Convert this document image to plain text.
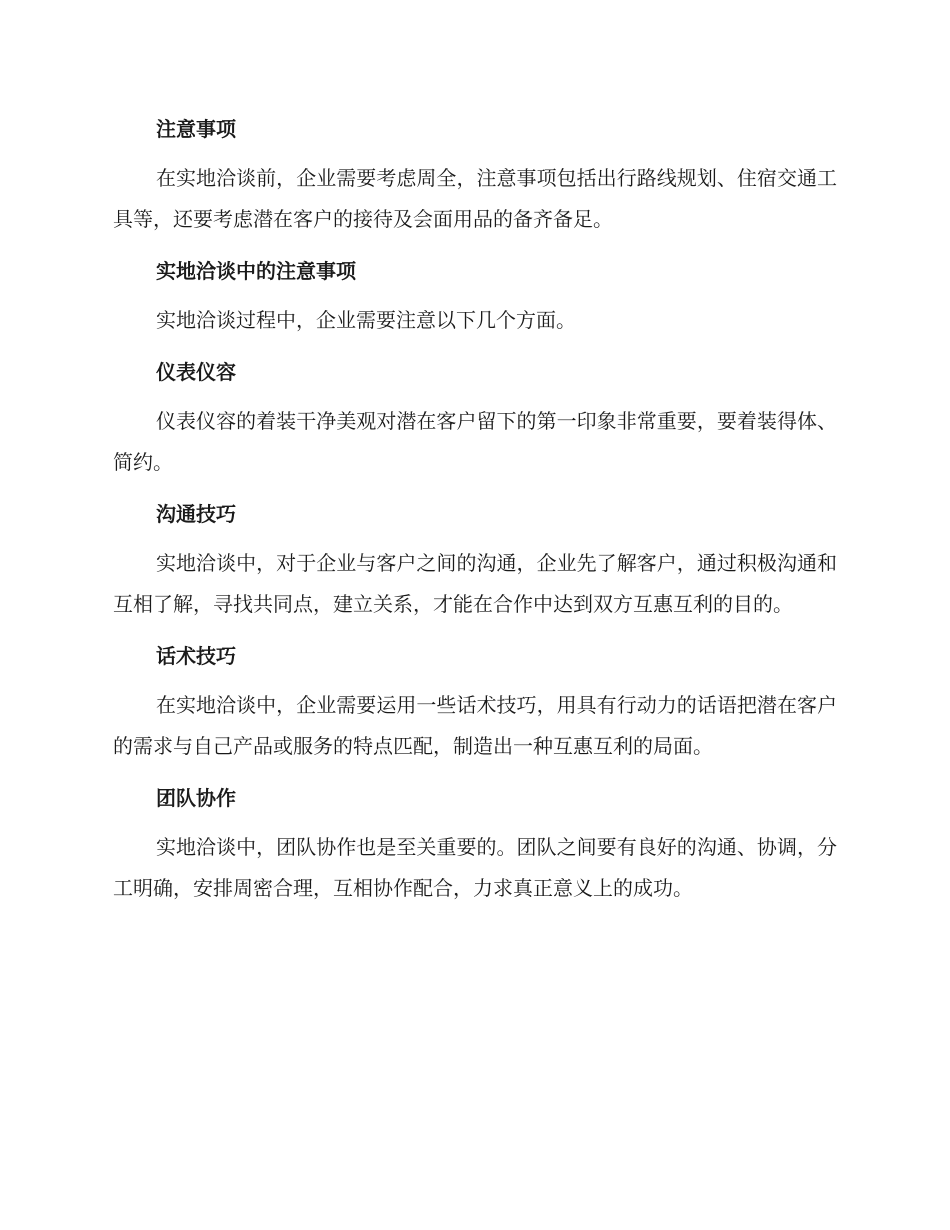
注意事项

在实地洽谈前，企业需要考虑周全，注意事项包括出行路线规划、住宿交通工具等，还要考虑潜在客户的接待及会面用品的备齐备足。

实地洽谈中的注意事项

实地洽谈过程中，企业需要注意以下几个方面。

仪表仪容

仪表仪容的着装干净美观对潜在客户留下的第一印象非常重要，要着装得体、简约。

沟通技巧

实地洽谈中，对于企业与客户之间的沟通，企业先了解客户，通过积极沟通和互相了解，寻找共同点，建立关系，才能在合作中达到双方互惠互利的目的。

话术技巧

在实地洽谈中，企业需要运用一些话术技巧，用具有行动力的话语把潜在客户的需求与自己产品或服务的特点匹配，制造出一种互惠互利的局面。

团队协作

实地洽谈中，团队协作也是至关重要的。团队之间要有良好的沟通、协调，分工明确，安排周密合理，互相协作配合，力求真正意义上的成功。
